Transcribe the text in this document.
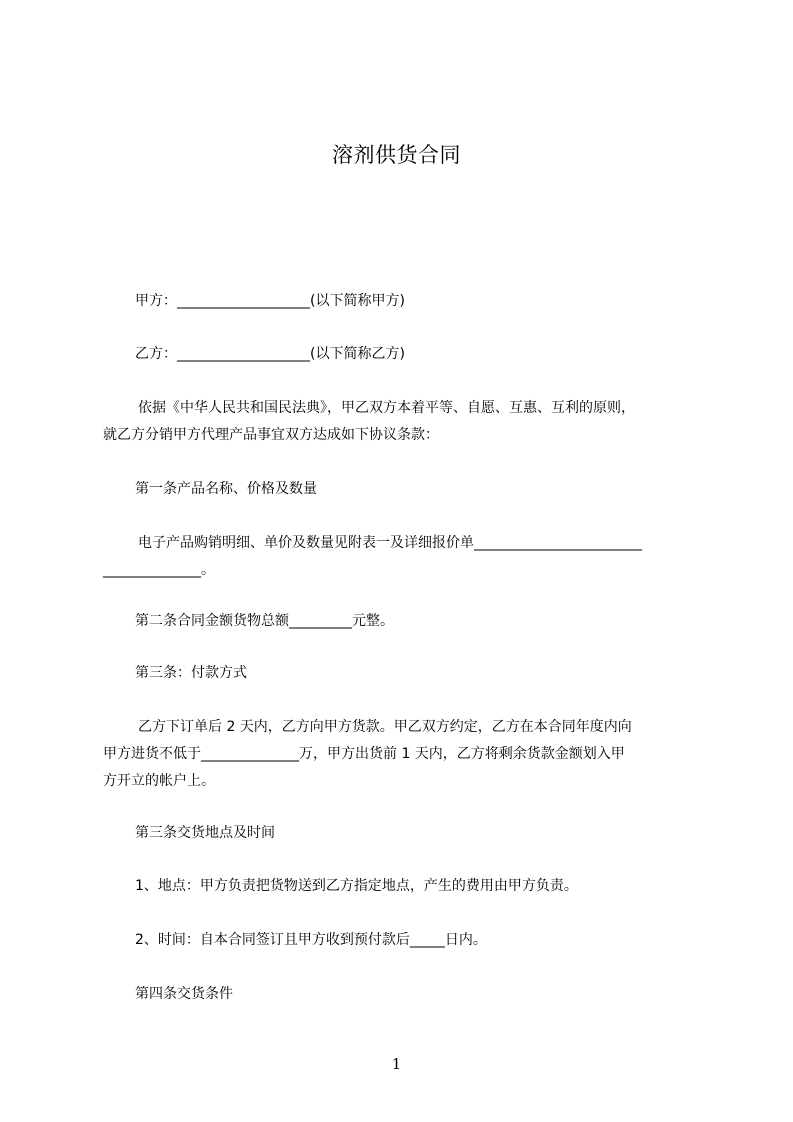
溶剂供货合同
甲方：___________________(以下简称甲方)
乙方：___________________(以下简称乙方)
依据《中华人民共和国民法典》，甲乙双方本着平等、自愿、互惠、互利的原则，
就乙方分销甲方代理产品事宜双方达成如下协议条款：
第一条产品名称、价格及数量
电子产品购销明细、单价及数量见附表一及详细报价单________________________
______________。
第二条合同金额货物总额_________元整。
第三条：付款方式
乙方下订单后 2 天内，乙方向甲方货款。甲乙双方约定，乙方在本合同年度内向
甲方进货不低于______________万，甲方出货前 1 天内，乙方将剩余货款金额划入甲
方开立的帐户上。
第三条交货地点及时间
1、地点：甲方负责把货物送到乙方指定地点，产生的费用由甲方负责。
2、时间：自本合同签订且甲方收到预付款后_____日内。
第四条交货条件
1
